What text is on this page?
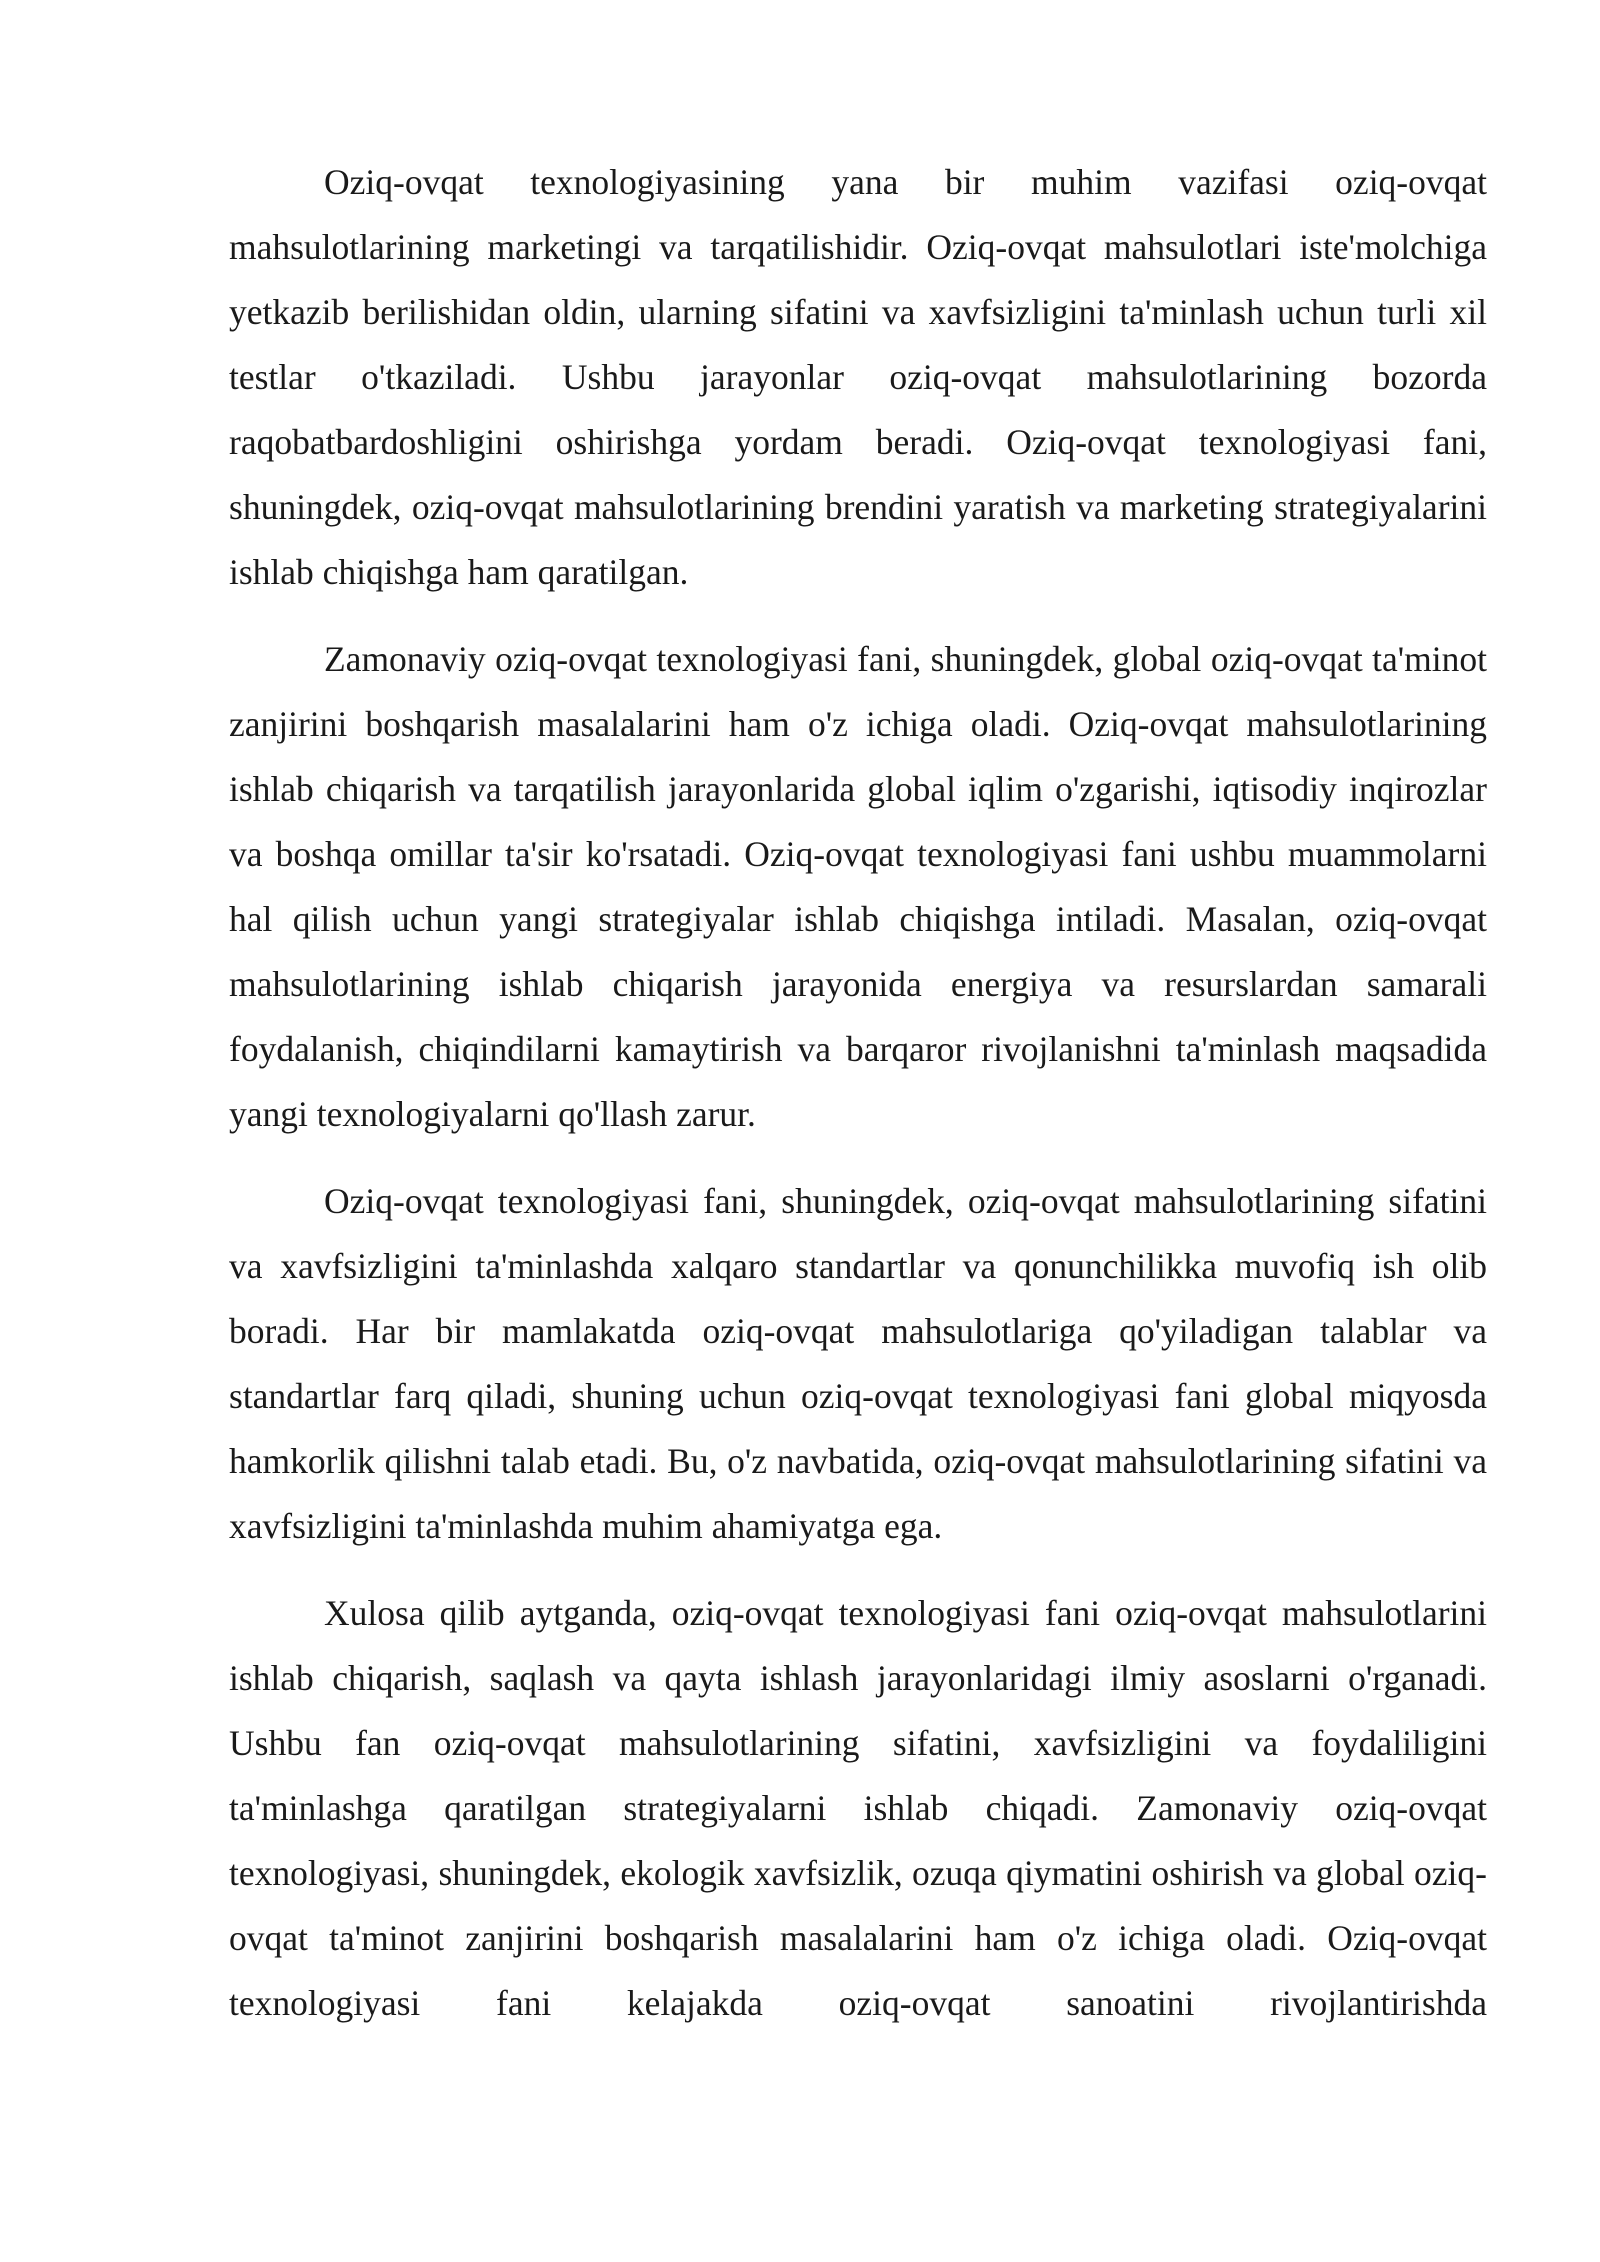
Oziq-ovqat texnologiyasining yana bir muhim vazifasi oziq-ovqat mahsulotlarining marketingi va tarqatilishidir. Oziq-ovqat mahsulotlari iste'molchiga yetkazib berilishidan oldin, ularning sifatini va xavfsizligini ta'minlash uchun turli xil testlar o'tkaziladi. Ushbu jarayonlar oziq-ovqat mahsulotlarining bozorda raqobatbardoshligini oshirishga yordam beradi. Oziq-ovqat texnologiyasi fani, shuningdek, oziq-ovqat mahsulotlarining brendini yaratish va marketing strategiyalarini ishlab chiqishga ham qaratilgan.

Zamonaviy oziq-ovqat texnologiyasi fani, shuningdek, global oziq-ovqat ta'minot zanjirini boshqarish masalalarini ham o'z ichiga oladi. Oziq-ovqat mahsulotlarining ishlab chiqarish va tarqatilish jarayonlarida global iqlim o'zgarishi, iqtisodiy inqirozlar va boshqa omillar ta'sir ko'rsatadi. Oziq-ovqat texnologiyasi fani ushbu muammolarni hal qilish uchun yangi strategiyalar ishlab chiqishga intiladi. Masalan, oziq-ovqat mahsulotlarining ishlab chiqarish jarayonida energiya va resurslardan samarali foydalanish, chiqindilarni kamaytirish va barqaror rivojlanishni ta'minlash maqsadida yangi texnologiyalarni qo'llash zarur.

Oziq-ovqat texnologiyasi fani, shuningdek, oziq-ovqat mahsulotlarining sifatini va xavfsizligini ta'minlashda xalqaro standartlar va qonunchilikka muvofiq ish olib boradi. Har bir mamlakatda oziq-ovqat mahsulotlariga qo'yiladigan talablar va standartlar farq qiladi, shuning uchun oziq-ovqat texnologiyasi fani global miqyosda hamkorlik qilishni talab etadi. Bu, o'z navbatida, oziq-ovqat mahsulotlarining sifatini va xavfsizligini ta'minlashda muhim ahamiyatga ega.

Xulosa qilib aytganda, oziq-ovqat texnologiyasi fani oziq-ovqat mahsulotlarini ishlab chiqarish, saqlash va qayta ishlash jarayonlaridagi ilmiy asoslarni o'rganadi. Ushbu fan oziq-ovqat mahsulotlarining sifatini, xavfsizligini va foydaliligini ta'minlashga qaratilgan strategiyalarni ishlab chiqadi. Zamonaviy oziq-ovqat texnologiyasi, shuningdek, ekologik xavfsizlik, ozuqa qiymatini oshirish va global oziq-ovqat ta'minot zanjirini boshqarish masalalarini ham o'z ichiga oladi. Oziq-ovqat texnologiyasi fani kelajakda oziq-ovqat sanoatini rivojlantirishda
